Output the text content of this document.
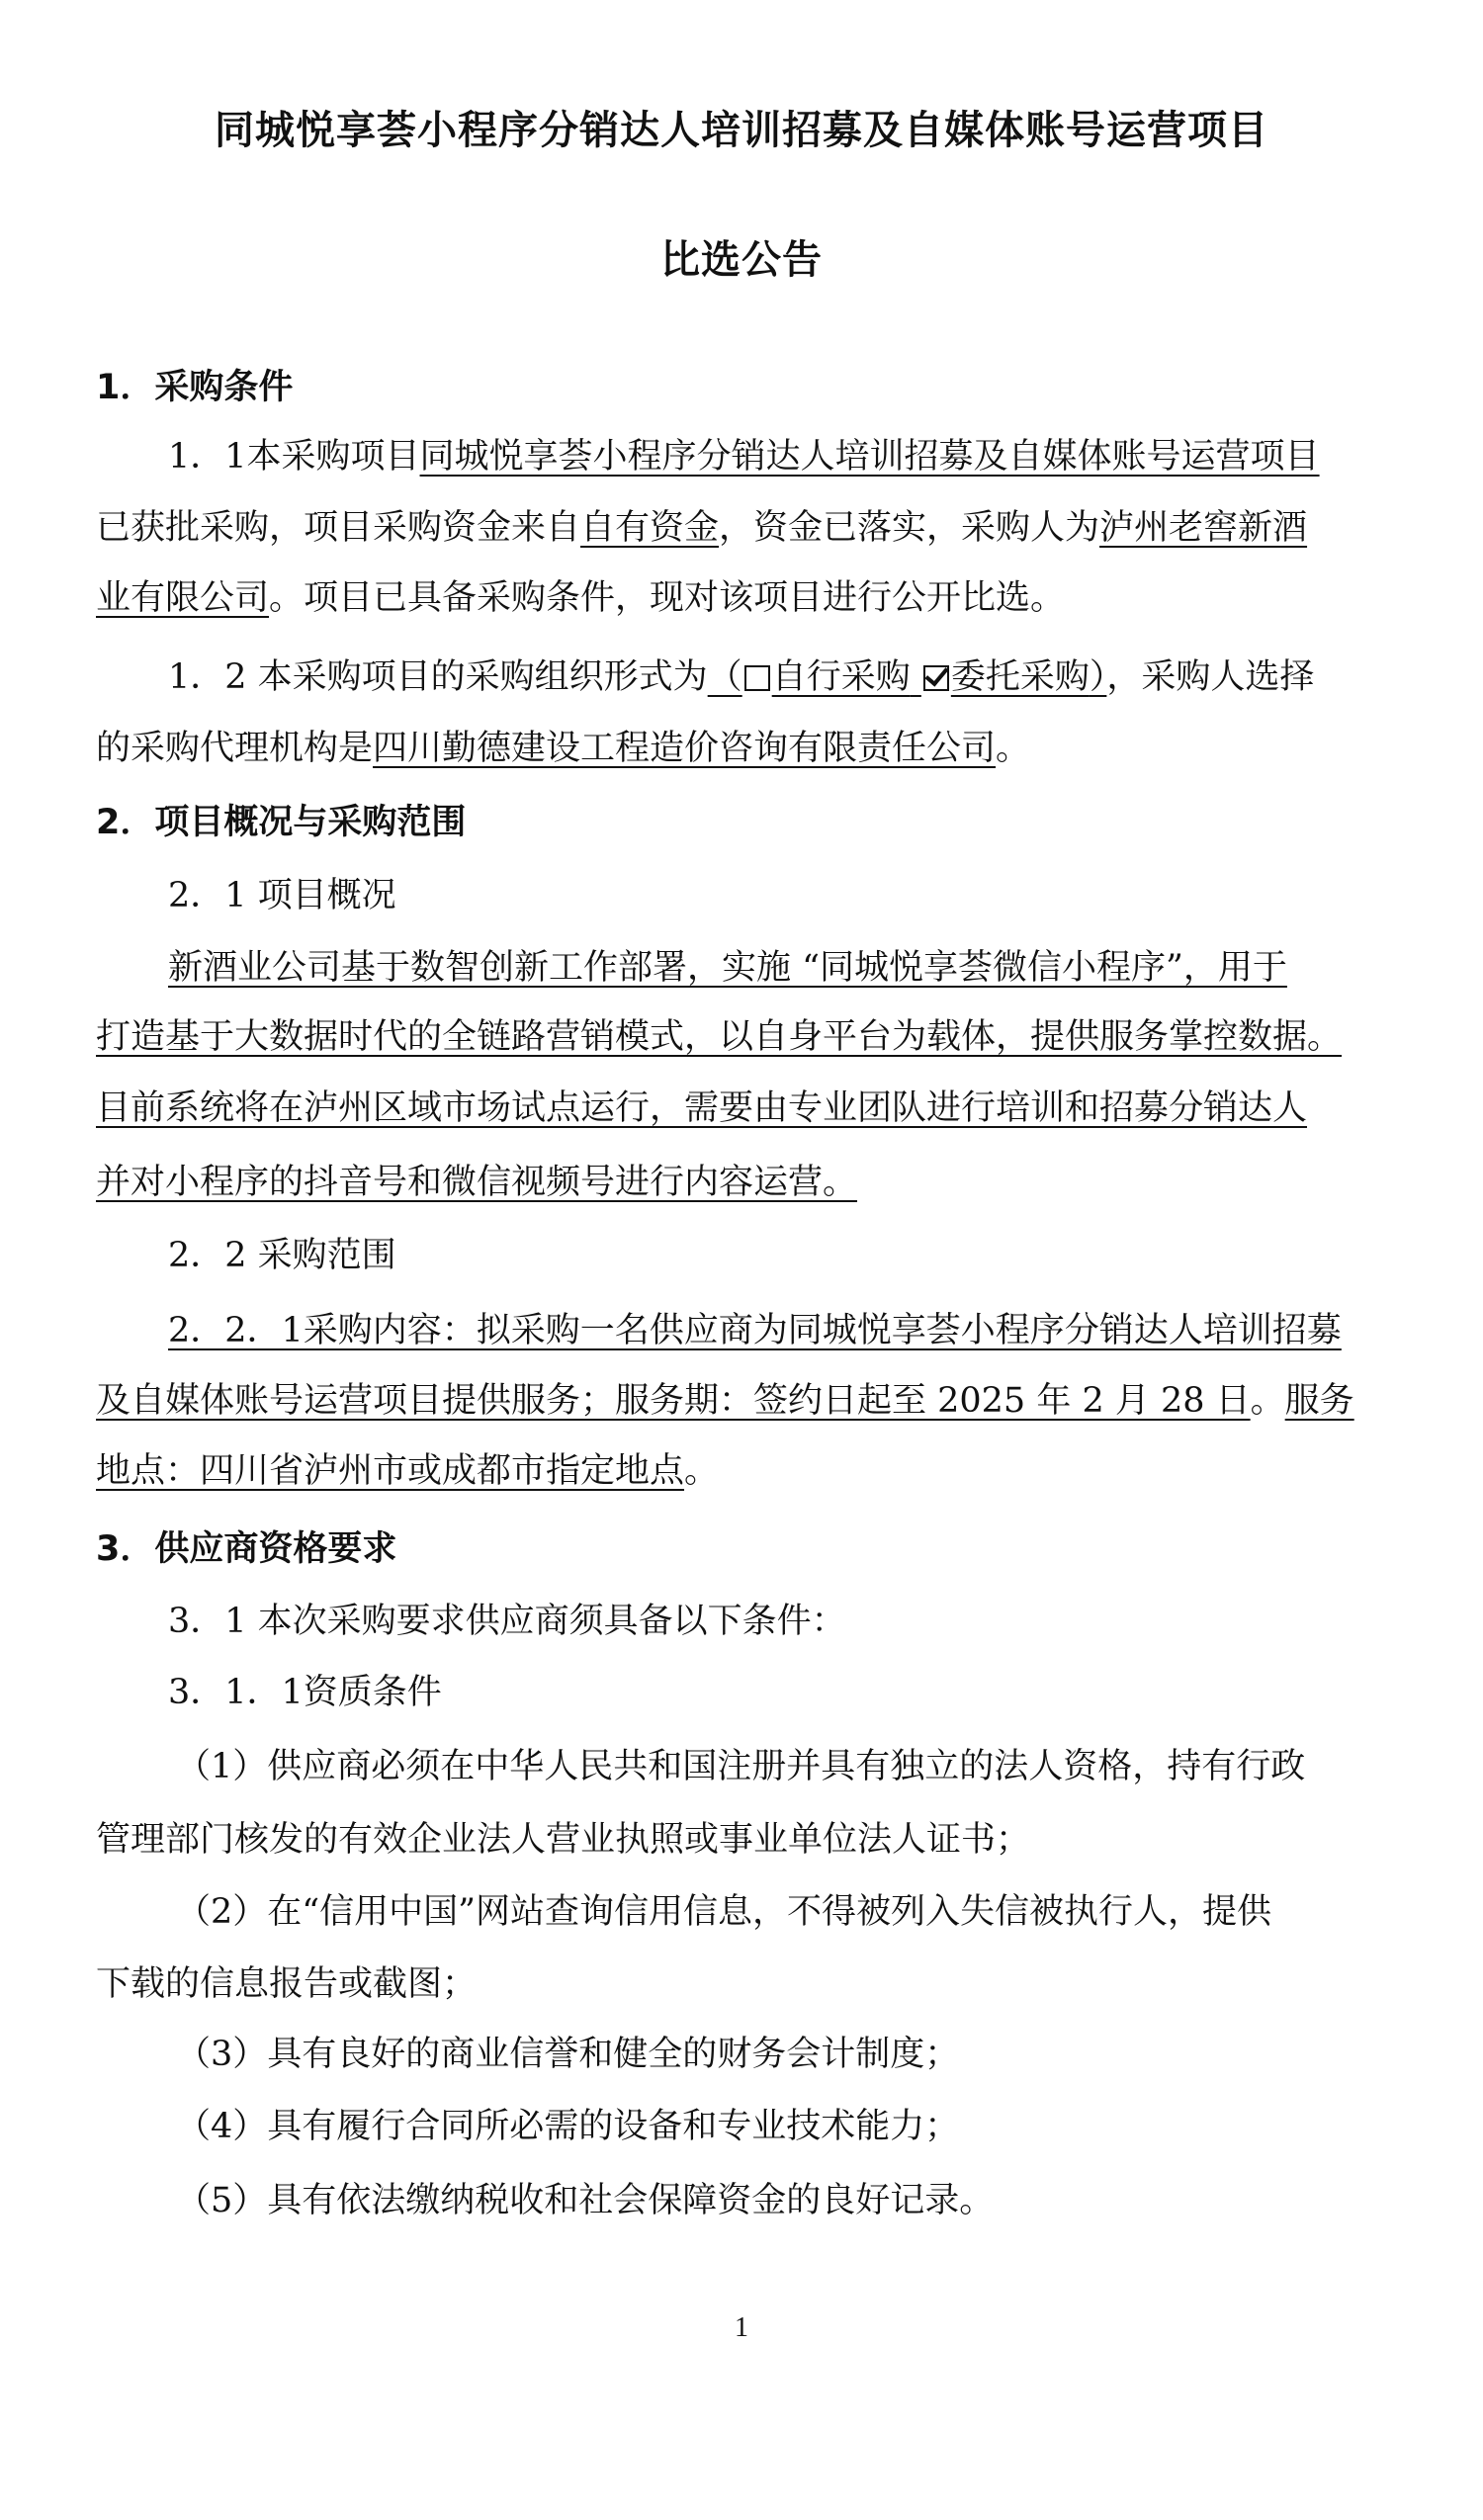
同城悦享荟小程序分销达人培训招募及自媒体账号运营项目
比选公告
1．采购条件
1．1本采购项目同城悦享荟小程序分销达人培训招募及自媒体账号运营项目
已获批采购，项目采购资金来自自有资金，资金已落实，采购人为泸州老窖新酒
业有限公司。项目已具备采购条件，现对该项目进行公开比选。
1．2 本采购项目的采购组织形式为（ 自行采购 委托采购），采购人选择
的采购代理机构是四川勤德建设工程造价咨询有限责任公司。
2．项目概况与采购范围
2．1 项目概况
新酒业公司基于数智创新工作部署，实施 “同城悦享荟微信小程序”，用于
打造基于大数据时代的全链路营销模式，以自身平台为载体，提供服务掌控数据。
目前系统将在泸州区域市场试点运行，需要由专业团队进行培训和招募分销达人
并对小程序的抖音号和微信视频号进行内容运营。
2．2 采购范围
2．2．1采购内容：拟采购一名供应商为同城悦享荟小程序分销达人培训招募
及自媒体账号运营项目提供服务；服务期：签约日起至 2025 年 2 月 28 日。服务
地点：四川省泸州市或成都市指定地点。
3．供应商资格要求
3．1 本次采购要求供应商须具备以下条件：
3．1．1资质条件
（1）供应商必须在中华人民共和国注册并具有独立的法人资格，持有行政
管理部门核发的有效企业法人营业执照或事业单位法人证书；
（2）在“信用中国”网站查询信用信息，不得被列入失信被执行人，提供
下载的信息报告或截图；
（3）具有良好的商业信誉和健全的财务会计制度；
（4）具有履行合同所必需的设备和专业技术能力；
（5）具有依法缴纳税收和社会保障资金的良好记录。
1
